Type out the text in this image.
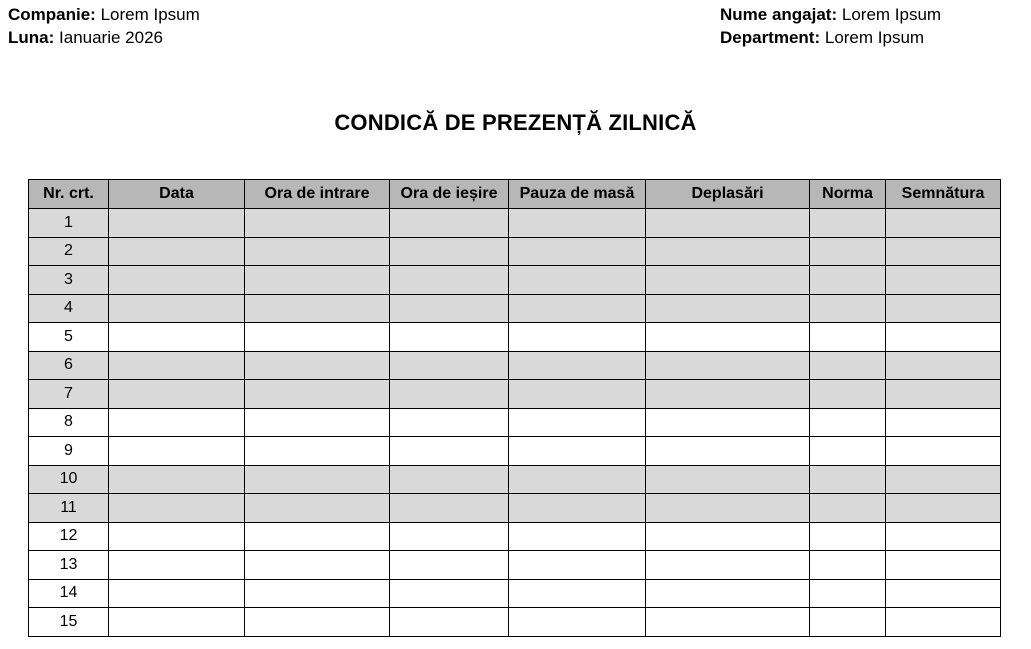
Companie: Lorem Ipsum
Luna: Ianuarie 2026
Nume angajat: Lorem Ipsum
Department: Lorem Ipsum
CONDICĂ DE PREZENȚĂ ZILNICĂ
Nr. crt.	Data	Ora de intrare	Ora de ieșire	Pauza de masă	Deplasări	Norma	Semnătura
1							
2							
3							
4							
5							
6							
7							
8							
9							
10							
11							
12							
13							
14							
15							
